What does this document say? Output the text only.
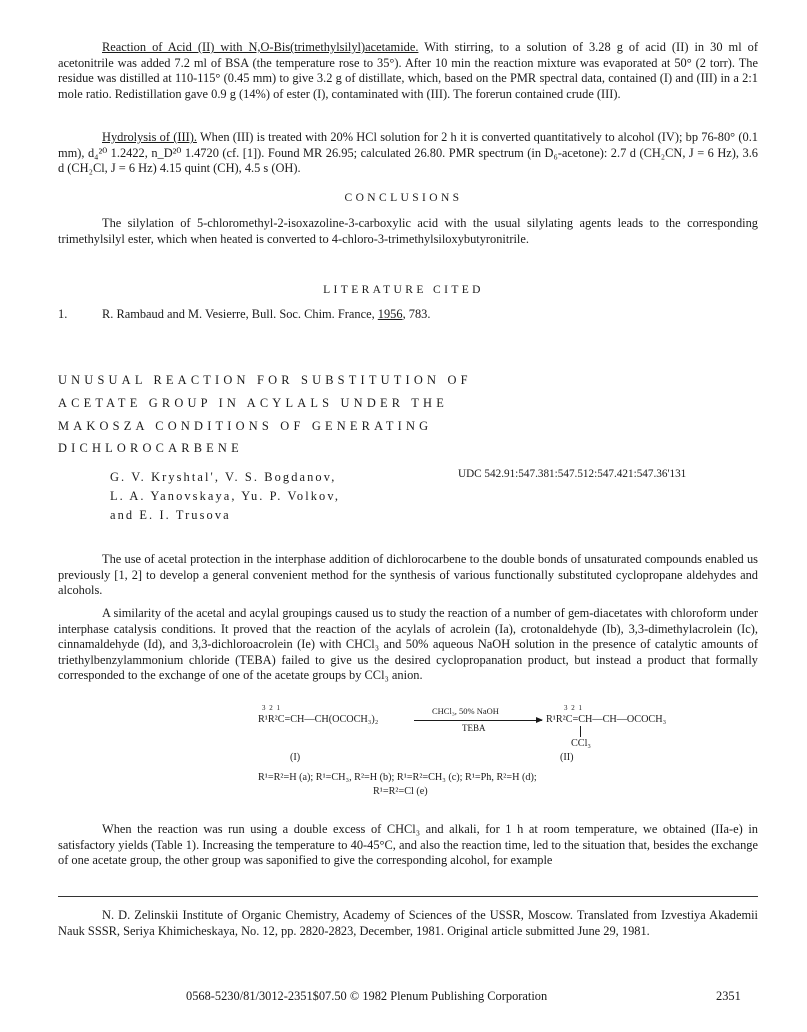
Reaction of Acid (II) with N,O-Bis(trimethylsilyl)acetamide. With stirring, to a solution of 3.28 g of acid (II) in 30 ml of acetonitrile was added 7.2 ml of BSA (the temperature rose to 35°). After 10 min the reaction mixture was evaporated at 50° (2 torr). The residue was distilled at 110-115° (0.45 mm) to give 3.2 g of distillate, which, based on the PMR spectral data, contained (I) and (III) in a 2:1 mole ratio. Redistillation gave 0.9 g (14%) of ester (I), contaminated with (III). The forerun contained crude (III).

Hydrolysis of (III). When (III) is treated with 20% HCl solution for 2 h it is converted quantitatively to alcohol (IV); bp 76-80° (0.1 mm), d₄²⁰ 1.2422, n_D²⁰ 1.4720 (cf. [1]). Found MR 26.95; calculated 26.80. PMR spectrum (in D₆-acetone): 2.7 d (CH₂CN, J = 6 Hz), 3.6 d (CH₂Cl, J = 6 Hz) 4.15 quint (CH), 4.5 s (OH).

CONCLUSIONS

The silylation of 5-chloromethyl-2-isoxazoline-3-carboxylic acid with the usual silylating agents leads to the corresponding trimethylsilyl ester, which when heated is converted to 4-chloro-3-trimethylsiloxybutyronitrile.

LITERATURE CITED
1.	R. Rambaud and M. Vesierre, Bull. Soc. Chim. France, 1956, 783.
UNUSUAL REACTION FOR SUBSTITUTION OF ACETATE GROUP IN ACYLALS UNDER THE MAKOSZA CONDITIONS OF GENERATING DICHLOROCARBENE
G. V. Kryshtal', V. S. Bogdanov,
L. A. Yanovskaya, Yu. P. Volkov,
and E. I. Trusova
UDC 542.91:547.381:547.512:547.421:547.36'131

The use of acetal protection in the interphase addition of dichlorocarbene to the double bonds of unsaturated compounds enabled us previously [1, 2] to develop a general convenient method for the synthesis of various functionally substituted cyclopropane aldehydes and alcohols.

A similarity of the acetal and acylal groupings caused us to study the reaction of a number of gem-diacetates with chloroform under interphase catalysis conditions. It proved that the reaction of the acylals of acrolein (Ia), crotonaldehyde (Ib), 3,3-dimethylacrolein (Ic), cinnamaldehyde (Id), and 3,3-dichloroacrolein (Ie) with CHCl₃ and 50% aqueous NaOH solution in the presence of catalytic amounts of triethylbenzylammonium chloride (TEBA) failed to give us the desired cyclopropanation product, but instead a product that formally corresponded to the exchange of one of the acetate groups by CCl₃ anion.

3 2 1
R¹R²C=CH—CH(OCOCH₃)₂
CHCl₃, 50% NaOH
TEBA
3 2 1
R¹R²C=CH—CH—OCOCH₃
CCl₃
(I)	(II)
R¹=R²=H (a); R¹=CH₃, R²=H (b); R¹=R²=CH₃ (c); R¹=Ph, R²=H (d);
R¹=R²=Cl (e)

When the reaction was run using a double excess of CHCl₃ and alkali, for 1 h at room temperature, we obtained (IIa-e) in satisfactory yields (Table 1). Increasing the temperature to 40-45°C, and also the reaction time, led to the situation that, besides the exchange of one acetate group, the other group was saponified to give the corresponding alcohol, for example

N. D. Zelinskii Institute of Organic Chemistry, Academy of Sciences of the USSR, Moscow. Translated from Izvestiya Akademii Nauk SSSR, Seriya Khimicheskaya, No. 12, pp. 2820-2823, December, 1981. Original article submitted June 29, 1981.

0568-5230/81/3012-2351$07.50 © 1982 Plenum Publishing Corporation	2351
